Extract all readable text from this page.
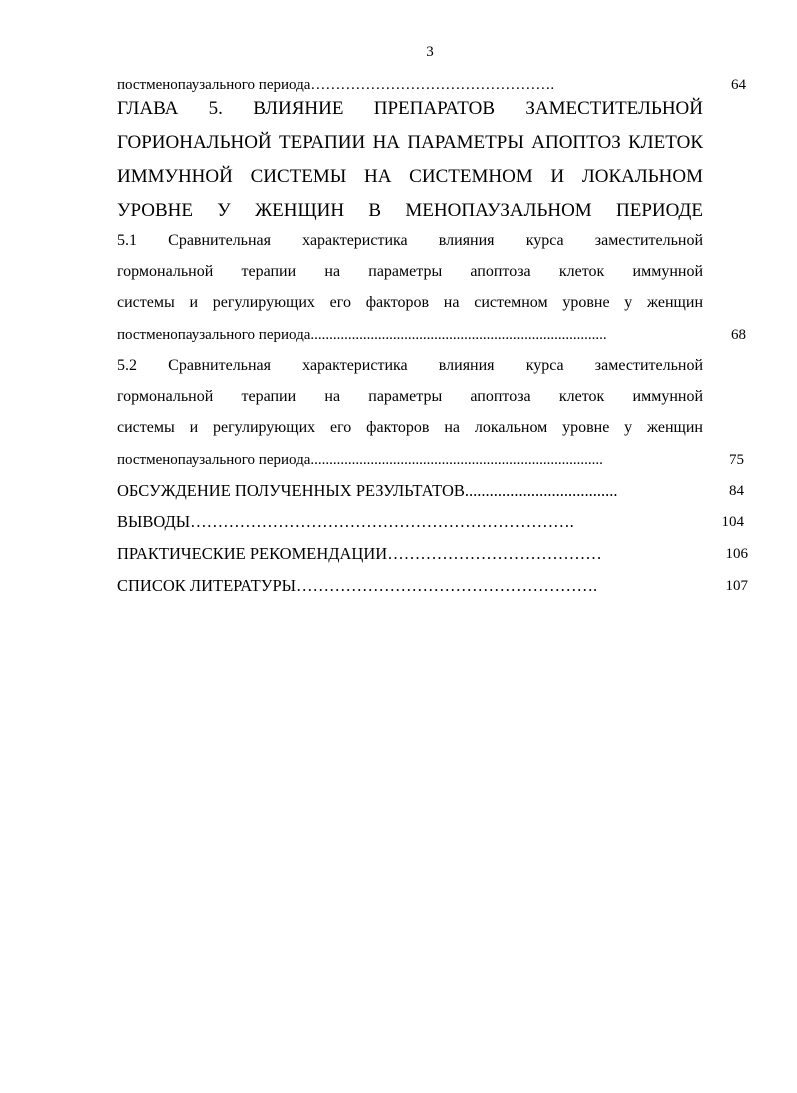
3
постменопаузального периода………………………………………….	64
ГЛАВА 5. ВЛИЯНИЕ ПРЕПАРАТОВ ЗАМЕСТИТЕЛЬНОЙ
ГОРИОНАЛЬНОЙ ТЕРАПИИ НА ПАРАМЕТРЫ АПОПТОЗ КЛЕТОК
ИММУННОЙ СИСТЕМЫ НА СИСТЕМНОМ И ЛОКАЛЬНОМ
УРОВНЕ У ЖЕНЩИН В МЕНОПАУЗАЛЬНОМ ПЕРИОДЕ
5.1 Сравнительная характеристика влияния курса заместительной
гормональной терапии на параметры апоптоза клеток иммунной
системы и регулирующих его факторов на системном уровне у женщин
постменопаузального периода...............................................................................	68
5.2 Сравнительная характеристика влияния курса заместительной
гормональной терапии на параметры апоптоза клеток иммунной
системы и регулирующих его факторов на локальном уровне у женщин
постменопаузального периода..............................................................................	75
ОБСУЖДЕНИЕ ПОЛУЧЕННЫХ РЕЗУЛЬТАТОВ.....................................	84
ВЫВОДЫ…………………………………………………………….	104
ПРАКТИЧЕСКИЕ РЕКОМЕНДАЦИИ…………………………………	106
СПИСОК ЛИТЕРАТУРЫ……………………………………………….	107
